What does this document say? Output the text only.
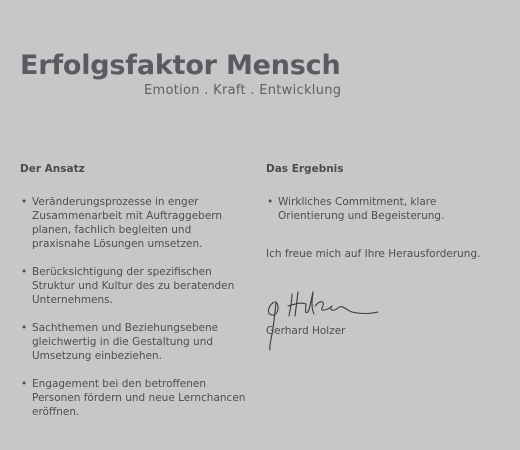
Erfolgsfaktor Mensch
Emotion . Kraft . Entwicklung
Der Ansatz
• Veränderungsprozesse in enger Zusammenarbeit mit Auftraggebern planen, fachlich begleiten und praxisnahe Lösungen umsetzen.
• Berücksichtigung der spezifischen Struktur und Kultur des zu beratenden Unternehmens.
• Sachthemen und Beziehungsebene gleichwertig in die Gestaltung und Umsetzung einbeziehen.
• Engagement bei den betroffenen Personen fördern und neue Lernchancen eröffnen.
Das Ergebnis
• Wirkliches Commitment, klare Orientierung und Begeisterung.
Ich freue mich auf Ihre Herausforderung.
Gerhard Holzer
